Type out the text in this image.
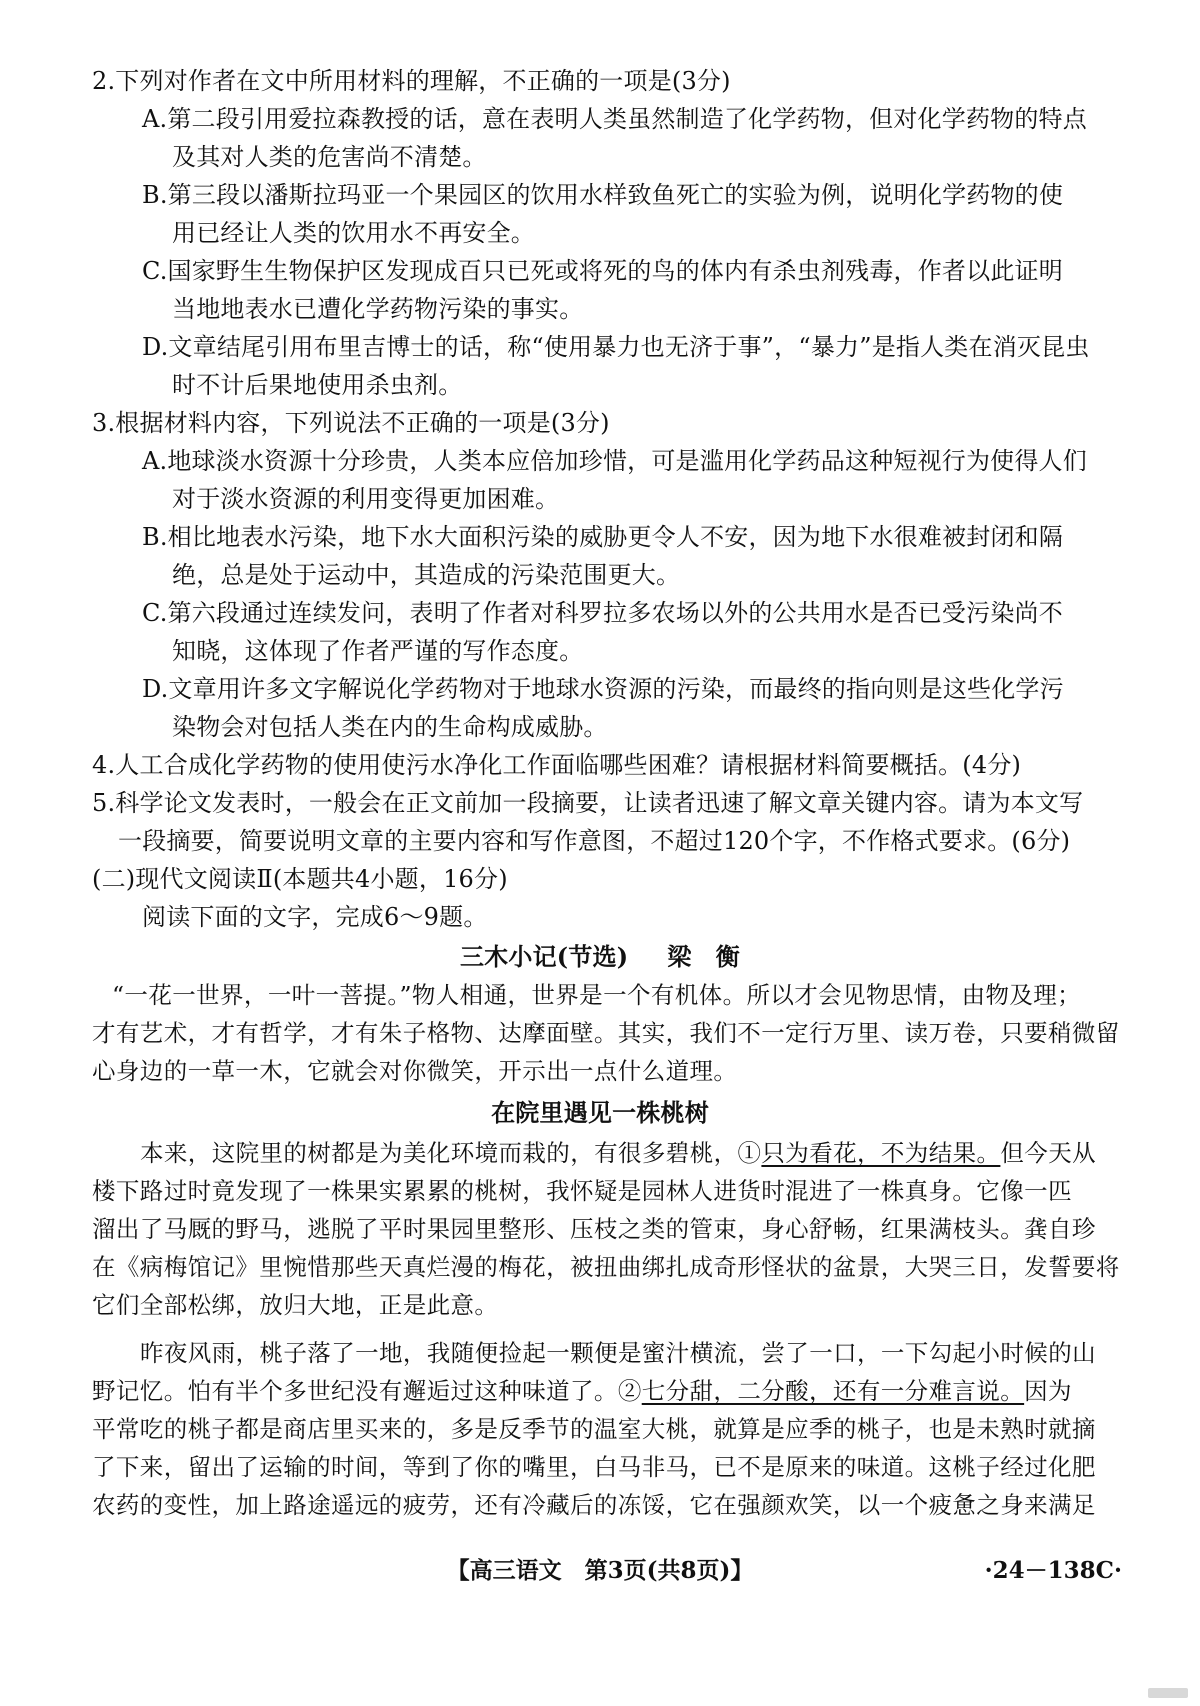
2.下列对作者在文中所用材料的理解，不正确的一项是(3分)
A.第二段引用爱拉森教授的话，意在表明人类虽然制造了化学药物，但对化学药物的特点
及其对人类的危害尚不清楚。
B.第三段以潘斯拉玛亚一个果园区的饮用水样致鱼死亡的实验为例，说明化学药物的使
用已经让人类的饮用水不再安全。
C.国家野生生物保护区发现成百只已死或将死的鸟的体内有杀虫剂残毒，作者以此证明
当地地表水已遭化学药物污染的事实。
D.文章结尾引用布里吉博士的话，称“使用暴力也无济于事”，“暴力”是指人类在消灭昆虫
时不计后果地使用杀虫剂。
3.根据材料内容，下列说法不正确的一项是(3分)
A.地球淡水资源十分珍贵，人类本应倍加珍惜，可是滥用化学药品这种短视行为使得人们
对于淡水资源的利用变得更加困难。
B.相比地表水污染，地下水大面积污染的威胁更令人不安，因为地下水很难被封闭和隔
绝，总是处于运动中，其造成的污染范围更大。
C.第六段通过连续发问，表明了作者对科罗拉多农场以外的公共用水是否已受污染尚不
知晓，这体现了作者严谨的写作态度。
D.文章用许多文字解说化学药物对于地球水资源的污染，而最终的指向则是这些化学污
染物会对包括人类在内的生命构成威胁。
4.人工合成化学药物的使用使污水净化工作面临哪些困难？请根据材料简要概括。(4分)
5.科学论文发表时，一般会在正文前加一段摘要，让读者迅速了解文章关键内容。请为本文写
一段摘要，简要说明文章的主要内容和写作意图，不超过120个字，不作格式要求。(6分)
(二)现代文阅读Ⅱ(本题共4小题，16分)
阅读下面的文字，完成6～9题。
三木小记(节选) 梁　衡
“一花一世界，一叶一菩提。”物人相通，世界是一个有机体。所以才会见物思情，由物及理；
才有艺术，才有哲学，才有朱子格物、达摩面壁。其实，我们不一定行万里、读万卷，只要稍微留
心身边的一草一木，它就会对你微笑，开示出一点什么道理。
在院里遇见一株桃树
本来，这院里的树都是为美化环境而栽的，有很多碧桃，①只为看花，不为结果。但今天从
楼下路过时竟发现了一株果实累累的桃树，我怀疑是园林人进货时混进了一株真身。它像一匹
溜出了马厩的野马，逃脱了平时果园里整形、压枝之类的管束，身心舒畅，红果满枝头。龚自珍
在《病梅馆记》里惋惜那些天真烂漫的梅花，被扭曲绑扎成奇形怪状的盆景，大哭三日，发誓要将
它们全部松绑，放归大地，正是此意。
昨夜风雨，桃子落了一地，我随便捡起一颗便是蜜汁横流，尝了一口，一下勾起小时候的山
野记忆。怕有半个多世纪没有邂逅过这种味道了。②七分甜，二分酸，还有一分难言说。因为
平常吃的桃子都是商店里买来的，多是反季节的温室大桃，就算是应季的桃子，也是未熟时就摘
了下来，留出了运输的时间，等到了你的嘴里，白马非马，已不是原来的味道。这桃子经过化肥
农药的变性，加上路途遥远的疲劳，还有冷藏后的冻馁，它在强颜欢笑，以一个疲惫之身来满足
【高三语文　第3页(共8页)】	·24－138C·
